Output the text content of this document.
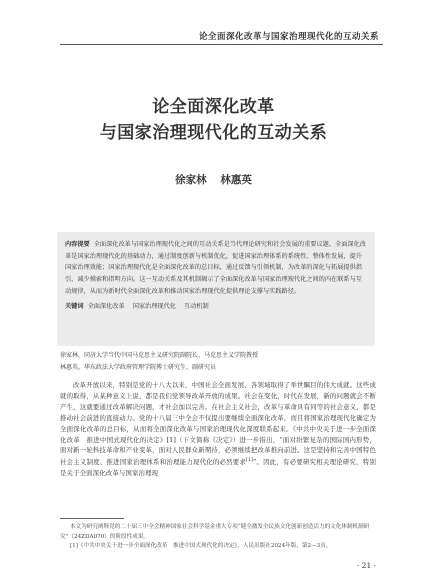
论全面深化改革与国家治理现代化的互动关系
论全面深化改革
与国家治理现代化的互动关系
徐家林 林惠英
内容提要 全面深化改革与国家治理现代化之间的互动关系是当代理论研究和社会发展的重要议题。全面深化改革是国家治理现代化的基础动力，通过制度创新与机制优化，促进国家治理体系的系统性、整体性发展，提升国家治理效能；国家治理现代化是全面深化改革的总目标，通过反馈与引领机制，为改革的深化与拓展提供指引，减少摸索和指明方向。这一互动关系及其机制揭示了全面深化改革与国家治理现代化之间的内在联系与互动规律，从而为新时代全面深化改革和推动国家治理现代化提供理论支撑与实践路径。
关键词 全面深化改革 国家治理现代化 互动机制
徐家林，同济大学当代中国马克思主义研究院副院长、马克思主义学院教授
林惠英，华东政法大学政府管理学院博士研究生、副研究员
改革开放以来，特别是党的十八大以来，中国社会全面发展、各领域取得了举世瞩目的伟大成就。这些成就的取得，从某种意义上说，都是我们党领导改革开放的成果。社会在变化，时代在发展，新的问题就会不断产生，这就要通过改革解决问题，才社会加以完善。在社会主义社会，改革与革命具有同等的社会意义，都是推动社会前进的直接动力。党的十八届三中全会不仅提出要继续全面深化改革，而且将国家治理现代化确定为全面深化改革的总目标，从而将全面深化改革与国家治理现代化深度联系起来。《中共中央关于进一步全面深化改革　推进中国式现代化的决定》[1]（下文简称《决定》）进一步指出，“面对纷繁复杂的国际国内形势，面对新一轮科技革命和产业变革，面对人民群众新期待，必须继续把改革推向前进。这是坚持和完善中国特色社会主义制度、推进国家治理体系和治理能力现代化的必然要求[1]”。因此，有必要研究相关理论研究，特别是关于全面深化改革与国家治理现
本文为研究阐释党的二十届三中全会精神国家社会科学基金重大专项“健全激发全民族文化创新创造活力的文化体制机制研究”（24ZDA070）的阶段性成果。
[1]《中共中央关于进一步全面深化改革　推进中国式现代化的决定》，人民出版社2024年版，第2—3页。
· 21 ·
